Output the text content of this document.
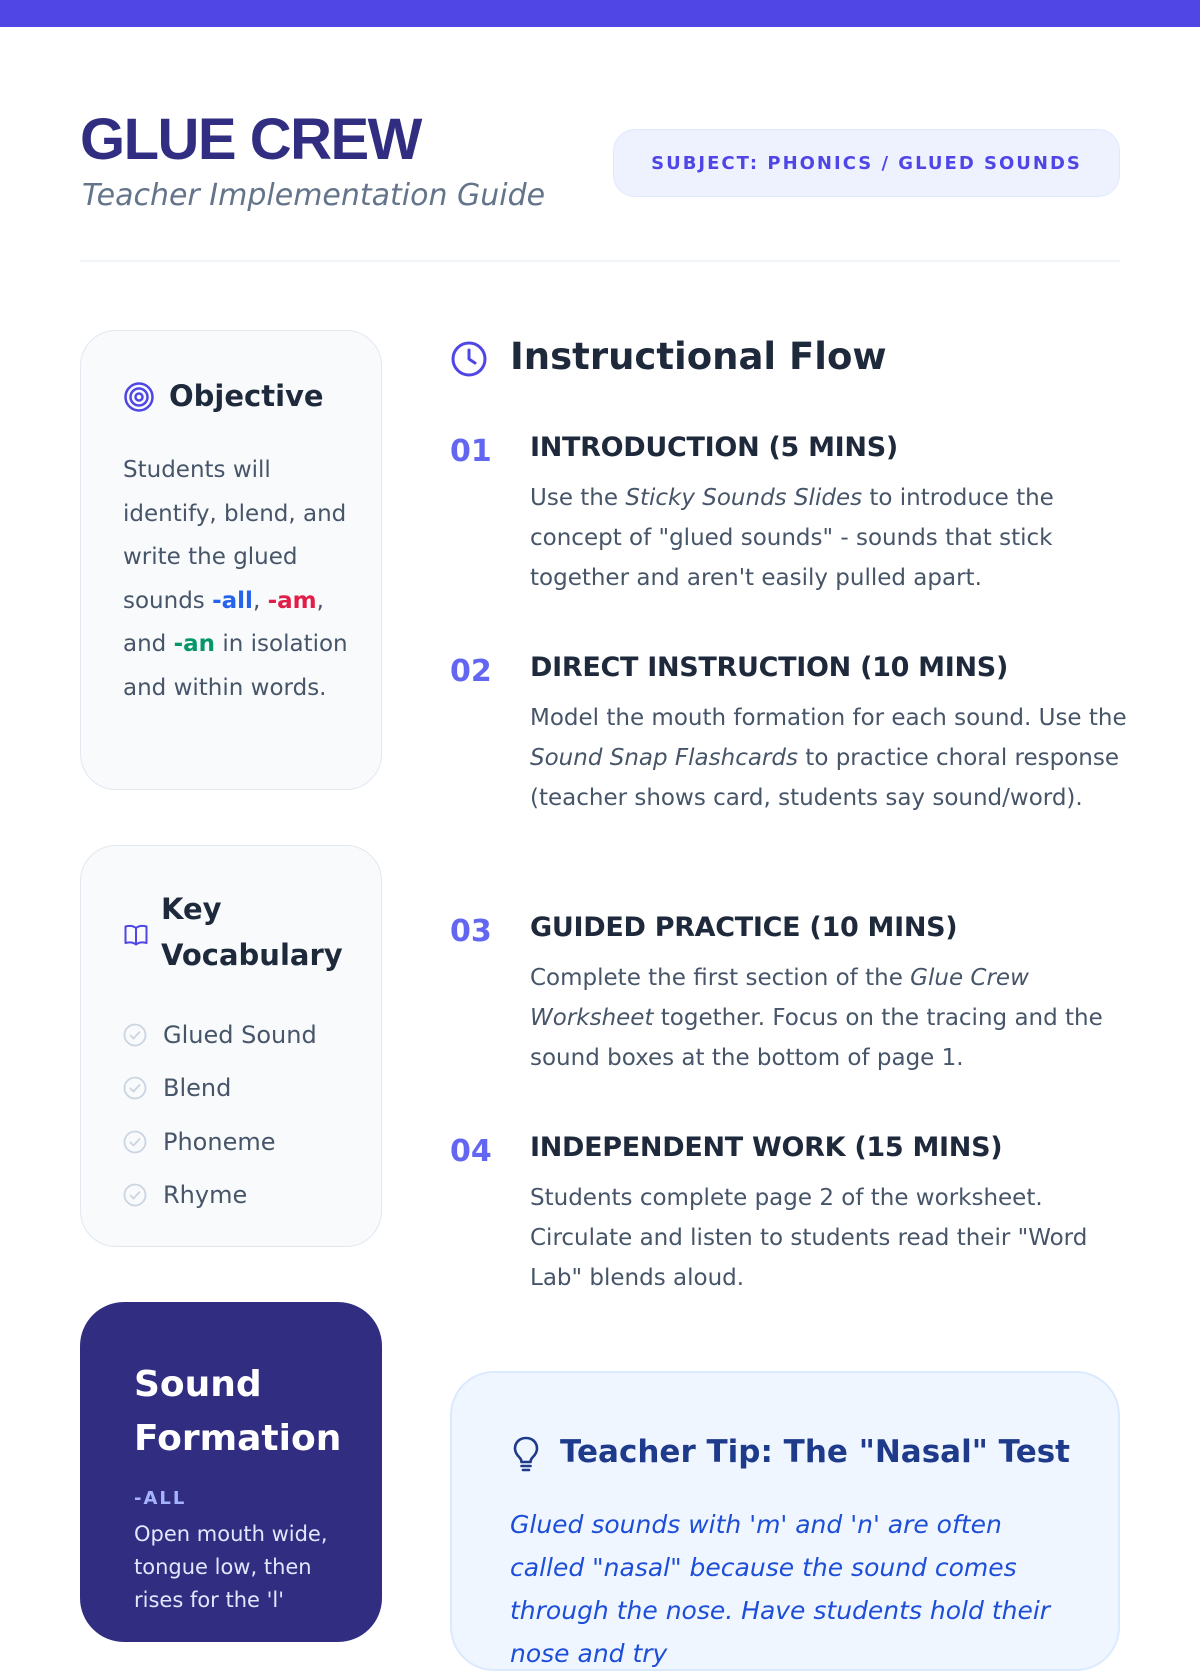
GLUE CREW
Teacher Implementation Guide
SUBJECT: PHONICS / GLUED SOUNDS
Objective
Students will identify, blend, and write the glued sounds -all, -am, and -an in isolation and within words.
Key Vocabulary
Glued Sound
Blend
Phoneme
Rhyme
Sound Formation
-ALL
Open mouth wide, tongue low, then rises for the 'l'
Instructional Flow
01 INTRODUCTION (5 MINS)
Use the Sticky Sounds Slides to introduce the concept of "glued sounds" - sounds that stick together and aren't easily pulled apart.
02 DIRECT INSTRUCTION (10 MINS)
Model the mouth formation for each sound. Use the Sound Snap Flashcards to practice choral response (teacher shows card, students say sound/word).
03 GUIDED PRACTICE (10 MINS)
Complete the first section of the Glue Crew Worksheet together. Focus on the tracing and the sound boxes at the bottom of page 1.
04 INDEPENDENT WORK (15 MINS)
Students complete page 2 of the worksheet. Circulate and listen to students read their "Word Lab" blends aloud.
Teacher Tip: The "Nasal" Test
Glued sounds with 'm' and 'n' are often called "nasal" because the sound comes through the nose. Have students hold their nose and try
